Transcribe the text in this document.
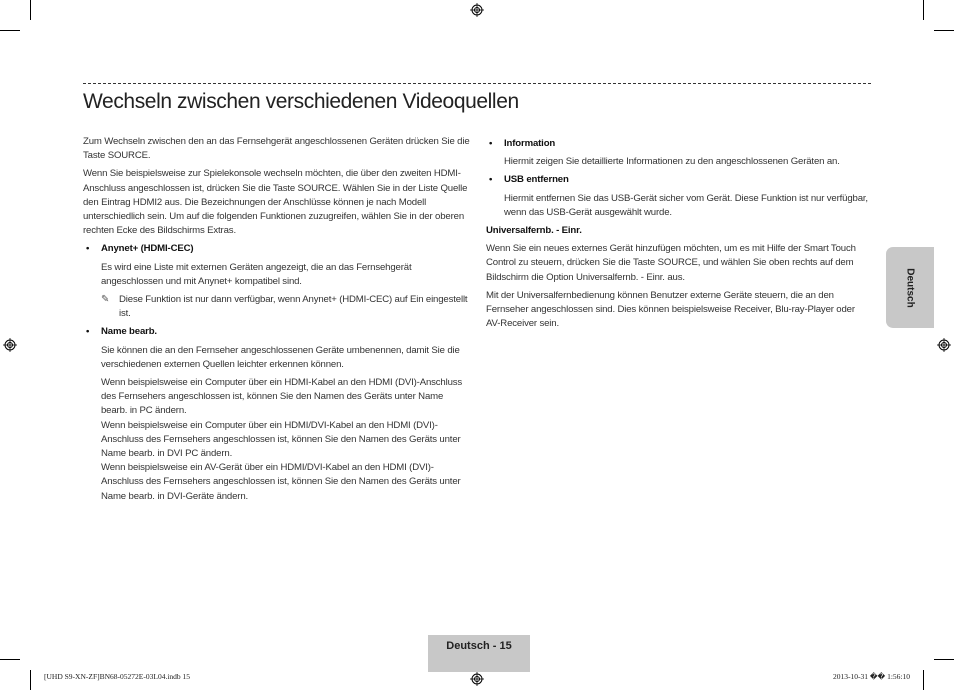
Wechseln zwischen verschiedenen Videoquellen

Zum Wechseln zwischen den an das Fernsehgerät angeschlossenen Geräten drücken Sie die Taste SOURCE.

Wenn Sie beispielsweise zur Spielekonsole wechseln möchten, die über den zweiten HDMI-Anschluss angeschlossen ist, drücken Sie die Taste SOURCE. Wählen Sie in der Liste Quelle den Eintrag HDMI2 aus. Die Bezeichnungen der Anschlüsse können je nach Modell unterschiedlich sein. Um auf die folgenden Funktionen zuzugreifen, wählen Sie in der oberen rechten Ecke des Bildschirms Extras.

• Anynet+ (HDMI-CEC)

Es wird eine Liste mit externen Geräten angezeigt, die an das Fernsehgerät angeschlossen und mit Anynet+ kompatibel sind.

✎ Diese Funktion ist nur dann verfügbar, wenn Anynet+ (HDMI-CEC) auf Ein eingestellt ist.

• Name bearb.

Sie können die an den Fernseher angeschlossenen Geräte umbenennen, damit Sie die verschiedenen externen Quellen leichter erkennen können.

Wenn beispielsweise ein Computer über ein HDMI-Kabel an den HDMI (DVI)-Anschluss des Fernsehers angeschlossen ist, können Sie den Namen des Geräts unter Name bearb. in PC ändern.

Wenn beispielsweise ein Computer über ein HDMI/DVI-Kabel an den HDMI (DVI)-Anschluss des Fernsehers angeschlossen ist, können Sie den Namen des Geräts unter Name bearb. in DVI PC ändern.

Wenn beispielsweise ein AV-Gerät über ein HDMI/DVI-Kabel an den HDMI (DVI)-Anschluss des Fernsehers angeschlossen ist, können Sie den Namen des Geräts unter Name bearb. in DVI-Geräte ändern.

• Information

Hiermit zeigen Sie detaillierte Informationen zu den angeschlossenen Geräten an.

• USB entfernen

Hiermit entfernen Sie das USB-Gerät sicher vom Gerät. Diese Funktion ist nur verfügbar, wenn das USB-Gerät ausgewählt wurde.

Universalfernb. - Einr.

Wenn Sie ein neues externes Gerät hinzufügen möchten, um es mit Hilfe der Smart Touch Control zu steuern, drücken Sie die Taste SOURCE, und wählen Sie oben rechts auf dem Bildschirm die Option Universalfernb. - Einr. aus.

Mit der Universalfernbedienung können Benutzer externe Geräte steuern, die an den Fernseher angeschlossen sind. Dies können beispielsweise Receiver, Blu-ray-Player oder AV-Receiver sein.

Deutsch
Deutsch - 15
[UHD S9-XN-ZF]BN68-05272E-03L04.indb 15	2013-10-31 �� 1:56:10
